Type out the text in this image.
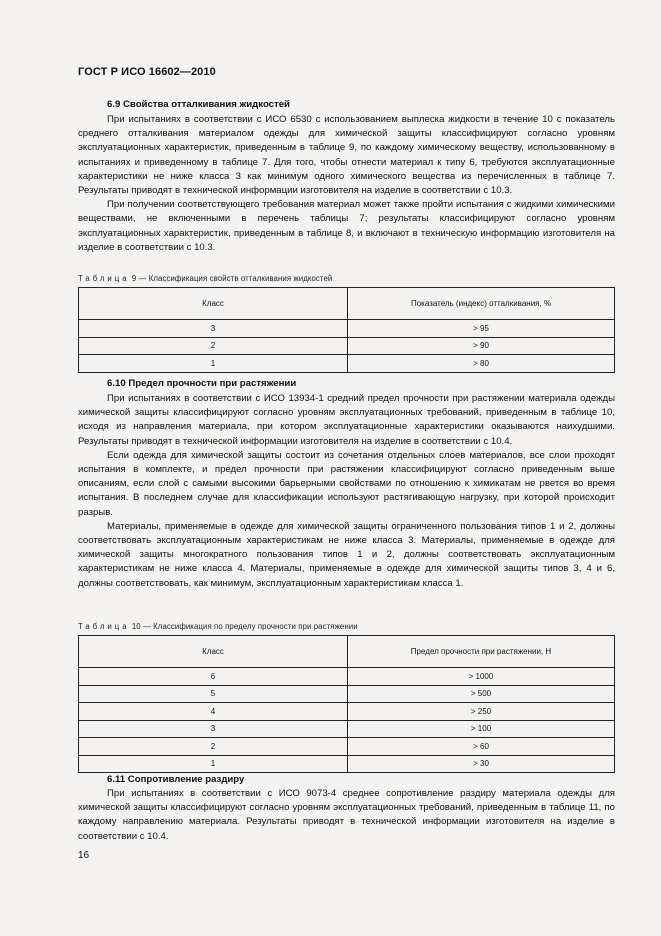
ГОСТ Р ИСО 16602—2010
6.9 Свойства отталкивания жидкостей

При испытаниях в соответствии с ИСО 6530 с использованием выплеска жидкости в течение 10 с показатель среднего отталкивания материалом одежды для химической защиты классифицируют согласно уровням эксплуатационных характеристик, приведенным в таблице 9, по каждому химическому веществу, использованному в испытаниях и приведенному в таблице 7. Для того, чтобы отнести материал к типу 6, требуются эксплуатационные характеристики не ниже класса 3 как минимум одного химического вещества из перечисленных в таблице 7. Результаты приводят в технической информации изготовителя на изделие в соответствии с 10.3.

При получении соответствующего требования материал может также пройти испытания с жидкими химическими веществами, не включенными в перечень таблицы 7; результаты классифицируют согласно уровням эксплуатационных характеристик, приведенным в таблице 8, и включают в техническую информацию изготовителя на изделие в соответствии с 10.3.

Таблица 9 — Классификация свойств отталкивания жидкостей
Класс	Показатель (индекс) отталкивания, %
3	> 95
2	> 90
1	> 80
6.10 Предел прочности при растяжении

При испытаниях в соответствии с ИСО 13934-1 средний предел прочности при растяжении материала одежды химической защиты классифицируют согласно уровням эксплуатационных требований, приведенным в таблице 10, исходя из направления материала, при котором эксплуатационные характеристики оказываются наихудшими. Результаты приводят в технической информации изготовителя на изделие в соответствии с 10.4.

Если одежда для химической защиты состоит из сочетания отдельных слоев материалов, все слои проходят испытания в комплекте, и предел прочности при растяжении классифицируют согласно приведенным выше описаниям, если слой с самыми высокими барьерными свойствами по отношению к химикатам не рвется во время испытания. В последнем случае для классификации используют растягивающую нагрузку, при которой происходит разрыв.

Материалы, применяемые в одежде для химической защиты ограниченного пользования типов 1 и 2, должны соответствовать эксплуатационным характеристикам не ниже класса 3. Материалы, применяемые в одежде для химической защиты многократного пользования типов 1 и 2, должны соответствовать эксплуатационным характеристикам не ниже класса 4. Материалы, применяемые в одежде для химической защиты типов 3, 4 и 6, должны соответствовать, как минимум, эксплуатационным характеристикам класса 1.

Таблица 10 — Классификация по пределу прочности при растяжении
Класс	Предел прочности при растяжении, Н
6	> 1000
5	> 500
4	> 250
3	> 100
2	> 60
1	> 30
6.11 Сопротивление раздиру

При испытаниях в соответствии с ИСО 9073-4 среднее сопротивление раздиру материала одежды для химической защиты классифицируют согласно уровням эксплуатационных требований, приведенным в таблице 11, по каждому направлению материала. Результаты приводят в технической информации изготовителя на изделие в соответствии с 10.4.

16
